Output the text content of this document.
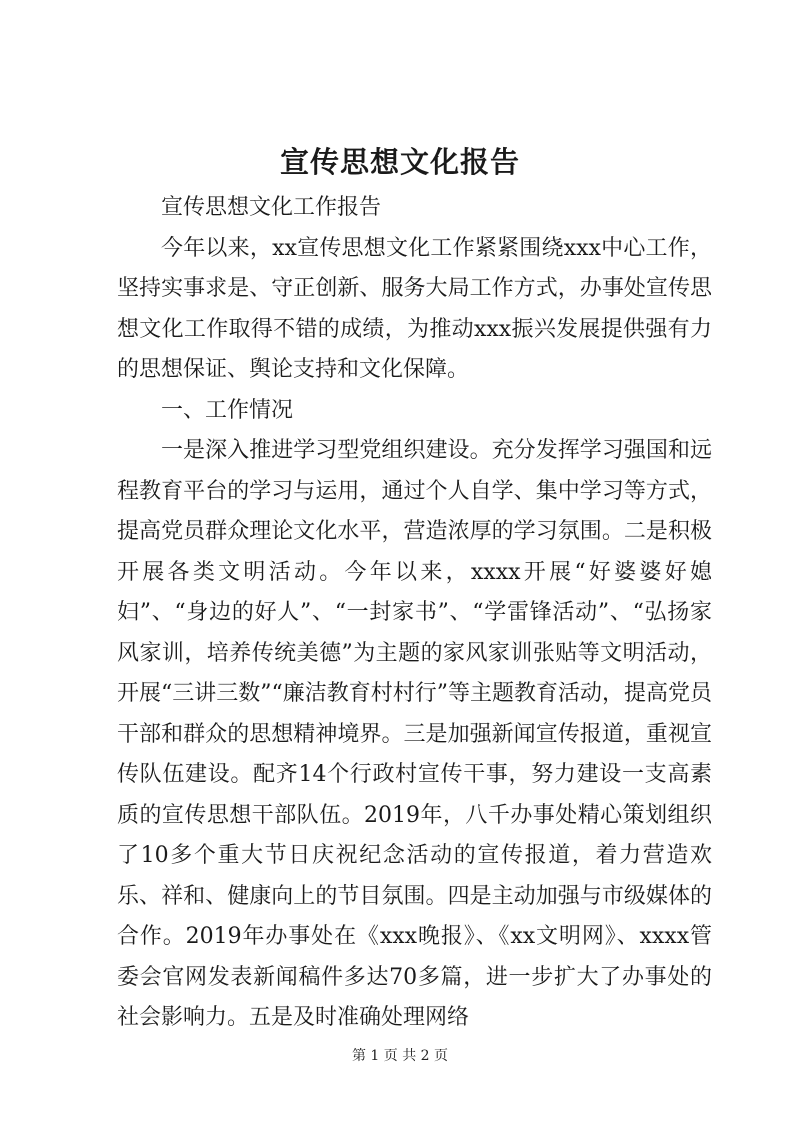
宣传思想文化报告

宣传思想文化工作报告

今年以来，xx宣传思想文化工作紧紧围绕xxx中心工作，坚持实事求是、守正创新、服务大局工作方式，办事处宣传思想文化工作取得不错的成绩，为推动xxx振兴发展提供强有力的思想保证、舆论支持和文化保障。

一、工作情况

一是深入推进学习型党组织建设。充分发挥学习强国和远程教育平台的学习与运用，通过个人自学、集中学习等方式，提高党员群众理论文化水平，营造浓厚的学习氛围。二是积极开展各类文明活动。今年以来，xxxx开展“好婆婆好媳妇”、“身边的好人”、“一封家书”、“学雷锋活动”、“弘扬家风家训，培养传统美德”为主题的家风家训张贴等文明活动，开展“三讲三数”“廉洁教育村村行”等主题教育活动，提高党员干部和群众的思想精神境界。三是加强新闻宣传报道，重视宣传队伍建设。配齐14个行政村宣传干事，努力建设一支高素质的宣传思想干部队伍。2019年，八千办事处精心策划组织了10多个重大节日庆祝纪念活动的宣传报道，着力营造欢乐、祥和、健康向上的节目氛围。四是主动加强与市级媒体的合作。2019年办事处在《xxx晚报》、《xx文明网》、xxxx管委会官网发表新闻稿件多达70多篇，进一步扩大了办事处的社会影响力。五是及时准确处理网络

第 1 页 共 2 页
